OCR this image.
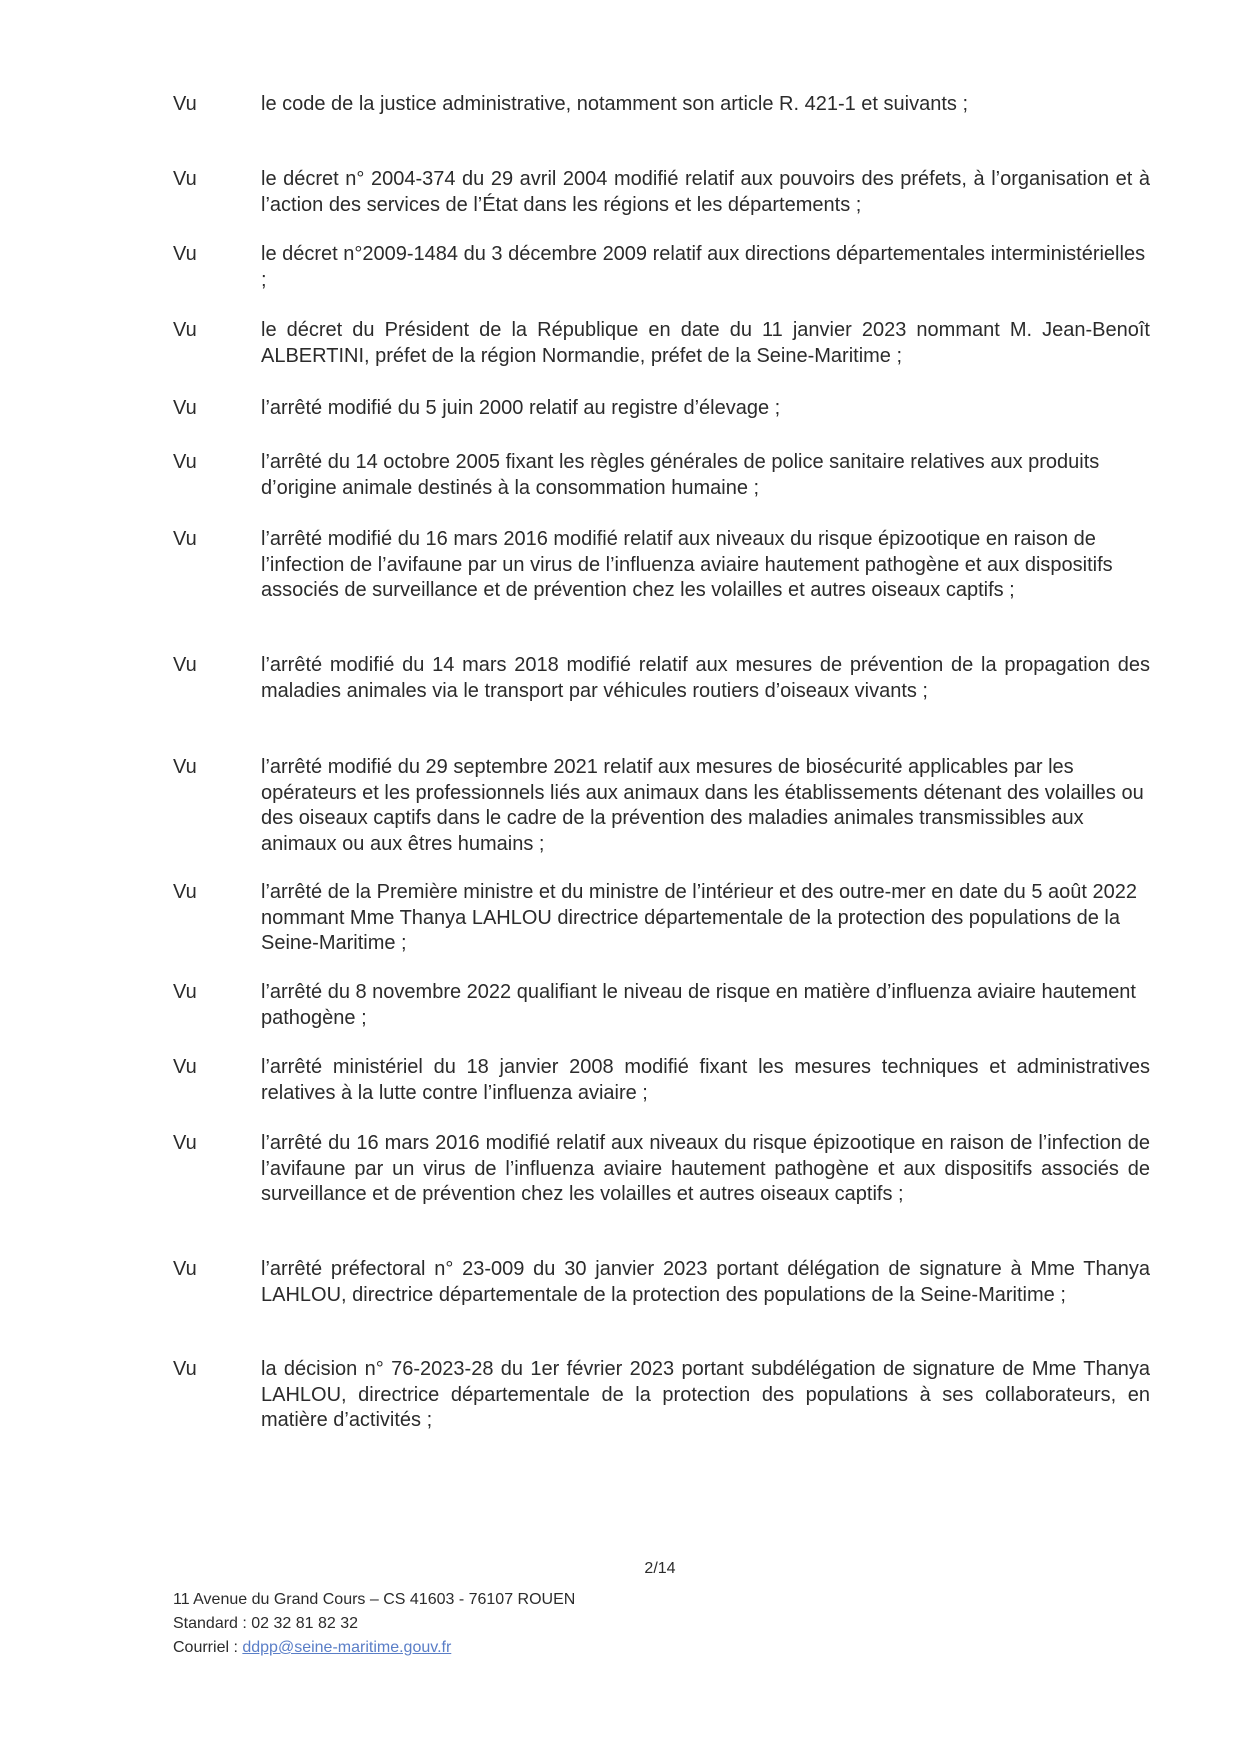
Vu	le code de la justice administrative, notamment son article R. 421-1 et suivants ;

Vu	le décret n° 2004-374 du 29 avril 2004 modifié relatif aux pouvoirs des préfets, à l’organisation et à l’action des services de l’État dans les régions et les départements ;

Vu	le décret n°2009-1484 du 3 décembre 2009 relatif aux directions départementales interministérielles ;

Vu	le décret du Président de la République en date du 11 janvier 2023 nommant M. Jean-Benoît ALBERTINI, préfet de la région Normandie, préfet de la Seine-Maritime ;

Vu	l’arrêté modifié du 5 juin 2000 relatif au registre d’élevage ;

Vu	l’arrêté du 14 octobre 2005 fixant les règles générales de police sanitaire relatives aux produits d’origine animale destinés à la consommation humaine ;

Vu	l’arrêté modifié du 16 mars 2016 modifié relatif aux niveaux du risque épizootique en raison de l’infection de l’avifaune par un virus de l’influenza aviaire hautement pathogène et aux dispositifs associés de surveillance et de prévention chez les volailles et autres oiseaux captifs ;

Vu	l’arrêté modifié du 14 mars 2018 modifié relatif aux mesures de prévention de la propagation des maladies animales via le transport par véhicules routiers d’oiseaux vivants ;

Vu	l’arrêté modifié du 29 septembre 2021 relatif aux mesures de biosécurité applicables par les opérateurs et les professionnels liés aux animaux dans les établissements détenant des volailles ou des oiseaux captifs dans le cadre de la prévention des maladies animales transmissibles aux animaux ou aux êtres humains ;

Vu	l’arrêté de la Première ministre et du ministre de l’intérieur et des outre-mer en date du 5 août 2022 nommant Mme Thanya LAHLOU directrice départementale de la protection des populations de la Seine-Maritime ;

Vu	l’arrêté du 8 novembre 2022 qualifiant le niveau de risque en matière d’influenza aviaire hautement pathogène ;

Vu	l’arrêté ministériel du 18 janvier 2008 modifié fixant les mesures techniques et administratives relatives à la lutte contre l’influenza aviaire ;

Vu	l’arrêté du 16 mars 2016 modifié relatif aux niveaux du risque épizootique en raison de l’infection de l’avifaune par un virus de l’influenza aviaire hautement pathogène et aux dispositifs associés de surveillance et de prévention chez les volailles et autres oiseaux captifs ;

Vu	l’arrêté préfectoral n° 23-009 du 30 janvier 2023 portant délégation de signature à Mme Thanya LAHLOU, directrice départementale de la protection des populations de la Seine-Maritime ;

Vu	la décision n° 76-2023-28 du 1er février 2023 portant subdélégation de signature de Mme Thanya LAHLOU, directrice départementale de la protection des populations à ses collaborateurs, en matière d’activités ;

2/14
11 Avenue du Grand Cours – CS 41603 - 76107 ROUEN
Standard : 02 32 81 82 32
Courriel : ddpp@seine-maritime.gouv.fr
